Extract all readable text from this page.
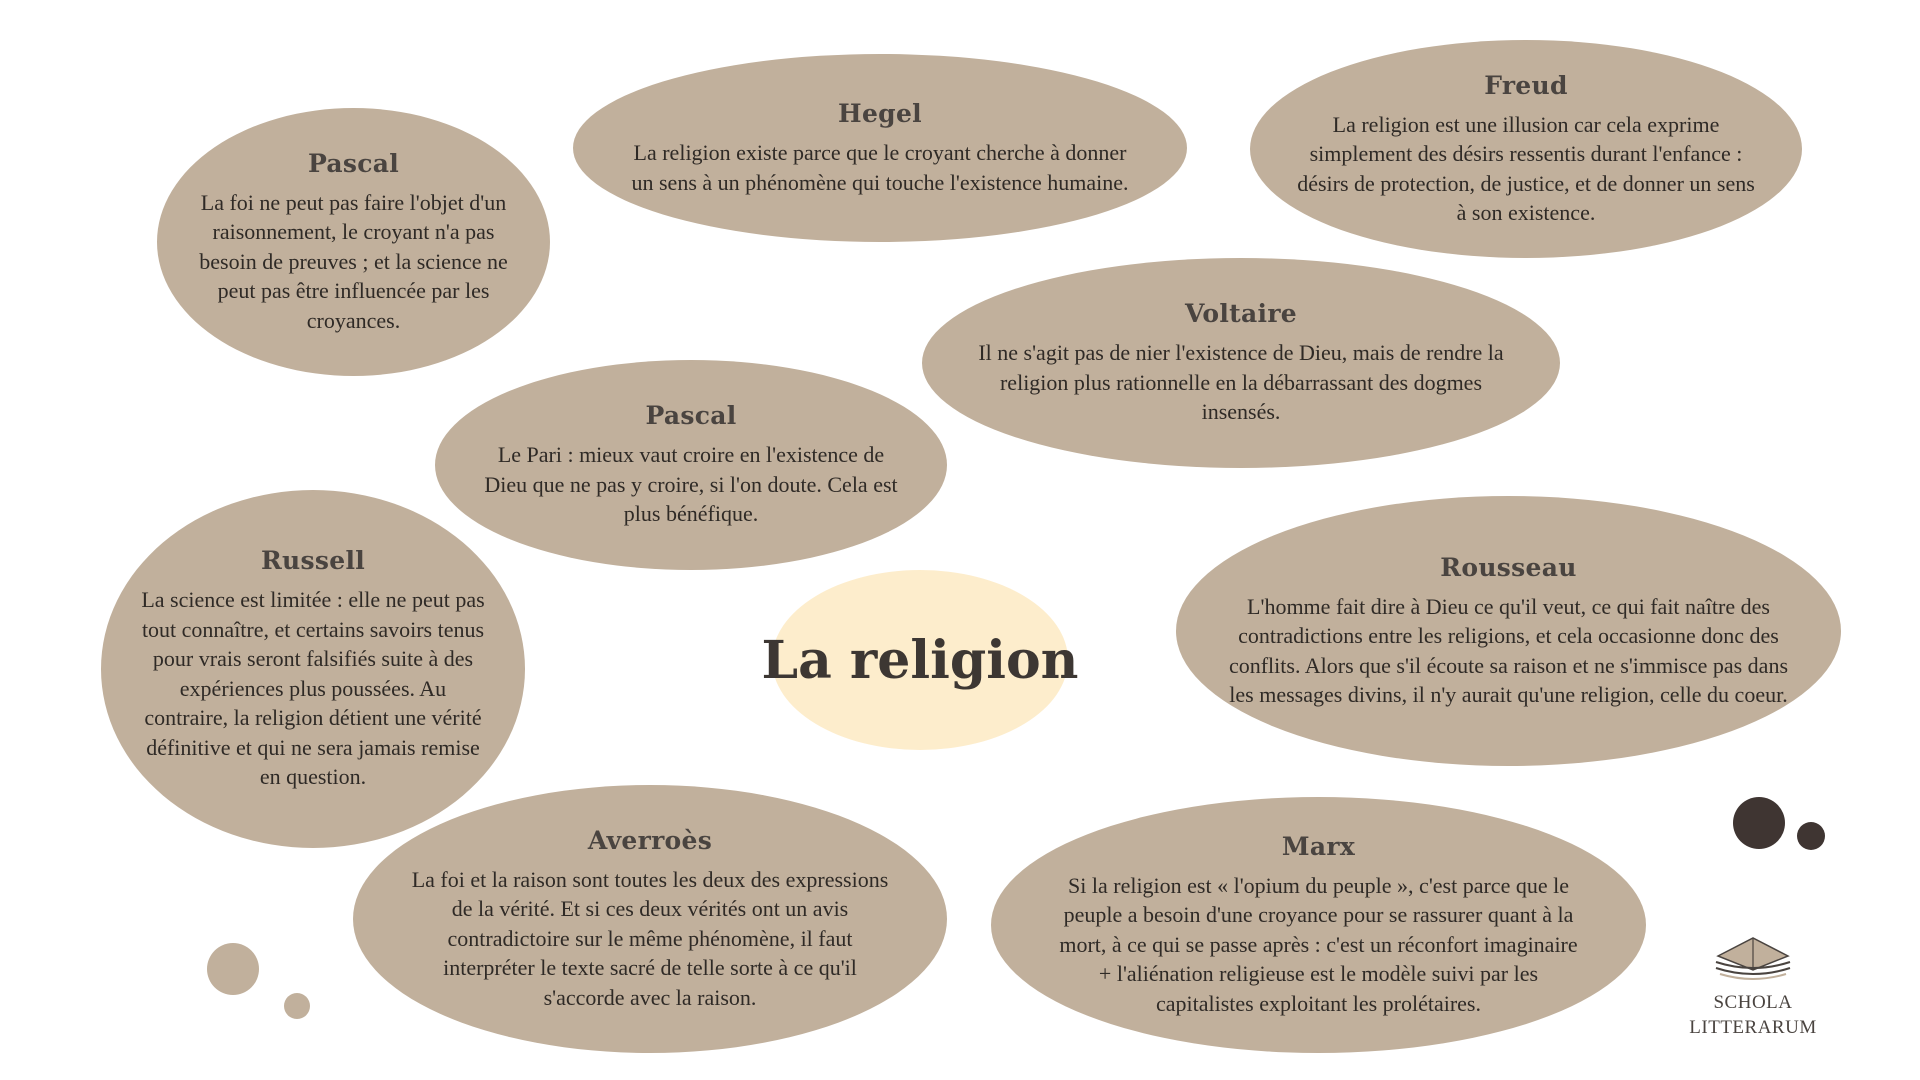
Hegel
La religion existe parce que le croyant cherche à donner un sens à un phénomène qui touche l'existence humaine.
Freud
La religion est une illusion car cela exprime simplement des désirs ressentis durant l'enfance : désirs de protection, de justice, et de donner un sens à son existence.
Pascal
La foi ne peut pas faire l'objet d'un raisonnement, le croyant n'a pas besoin de preuves ; et la science ne peut pas être influencée par les croyances.	Voltaire
Il ne s'agit pas de nier l'existence de Dieu, mais de rendre la religion plus rationnelle en la débarrassant des dogmes insensés.
Pascal
Le Pari : mieux vaut croire en l'existence de Dieu que ne pas y croire, si l'on doute. Cela est plus bénéfique.
Russell
La science est limitée : elle ne peut pas tout connaître, et certains savoirs tenus pour vrais seront falsifiés suite à des expériences plus poussées. Au contraire, la religion détient une vérité définitive et qui ne sera jamais remise en question.
La religion
Rousseau
L'homme fait dire à Dieu ce qu'il veut, ce qui fait naître des contradictions entre les religions, et cela occasionne donc des conflits. Alors que s'il écoute sa raison et ne s'immisce pas dans les messages divins, il n'y aurait qu'une religion, celle du coeur.
Averroès
La foi et la raison sont toutes les deux des expressions de la vérité. Et si ces deux vérités ont un avis contradictoire sur le même phénomène, il faut interpréter le texte sacré de telle sorte à ce qu'il s'accorde avec la raison.
Marx
Si la religion est « l'opium du peuple », c'est parce que le peuple a besoin d'une croyance pour se rassurer quant à la mort, à ce qui se passe après : c'est un réconfort imaginaire + l'aliénation religieuse est le modèle suivi par les capitalistes exploitant les prolétaires.	SCHOLA
LITTERARUM
